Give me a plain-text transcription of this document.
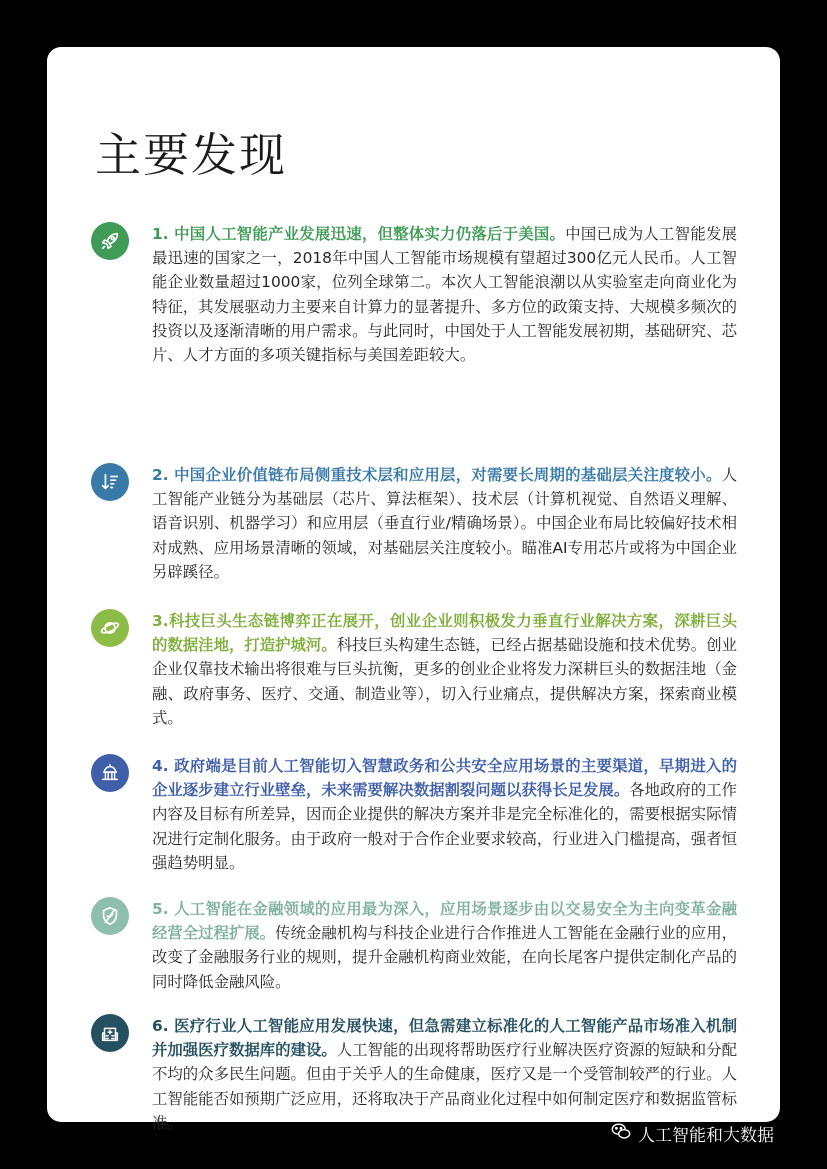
主要发现

1. 中国人工智能产业发展迅速，但整体实力仍落后于美国。中国已成为人工智能发展最迅速的国家之一，2018年中国人工智能市场规模有望超过300亿元人民币。人工智能企业数量超过1000家，位列全球第二。本次人工智能浪潮以从实验室走向商业化为特征，其发展驱动力主要来自计算力的显著提升、多方位的政策支持、大规模多频次的投资以及逐渐清晰的用户需求。与此同时，中国处于人工智能发展初期，基础研究、芯片、人才方面的多项关键指标与美国差距较大。

2. 中国企业价值链布局侧重技术层和应用层，对需要长周期的基础层关注度较小。人工智能产业链分为基础层（芯片、算法框架）、技术层（计算机视觉、自然语义理解、语音识别、机器学习）和应用层（垂直行业/精确场景）。中国企业布局比较偏好技术相对成熟、应用场景清晰的领域，对基础层关注度较小。瞄准AI专用芯片或将为中国企业另辟蹊径。

3.科技巨头生态链博弈正在展开，创业企业则积极发力垂直行业解决方案，深耕巨头的数据洼地，打造护城河。科技巨头构建生态链，已经占据基础设施和技术优势。创业企业仅靠技术输出将很难与巨头抗衡，更多的创业企业将发力深耕巨头的数据洼地（金融、政府事务、医疗、交通、制造业等），切入行业痛点，提供解决方案，探索商业模式。

4. 政府端是目前人工智能切入智慧政务和公共安全应用场景的主要渠道，早期进入的企业逐步建立行业壁垒，未来需要解决数据割裂问题以获得长足发展。各地政府的工作内容及目标有所差异，因而企业提供的解决方案并非是完全标准化的，需要根据实际情况进行定制化服务。由于政府一般对于合作企业要求较高，行业进入门槛提高，强者恒强趋势明显。

5. 人工智能在金融领域的应用最为深入，应用场景逐步由以交易安全为主向变革金融经营全过程扩展。传统金融机构与科技企业进行合作推进人工智能在金融行业的应用，改变了金融服务行业的规则，提升金融机构商业效能，在向长尾客户提供定制化产品的同时降低金融风险。

6. 医疗行业人工智能应用发展快速，但急需建立标准化的人工智能产品市场准入机制并加强医疗数据库的建设。人工智能的出现将帮助医疗行业解决医疗资源的短缺和分配不均的众多民生问题。但由于关乎人的生命健康，医疗又是一个受管制较严的行业。人工智能能否如预期广泛应用，还将取决于产品商业化过程中如何制定医疗和数据监管标准。

人工智能和大数据
